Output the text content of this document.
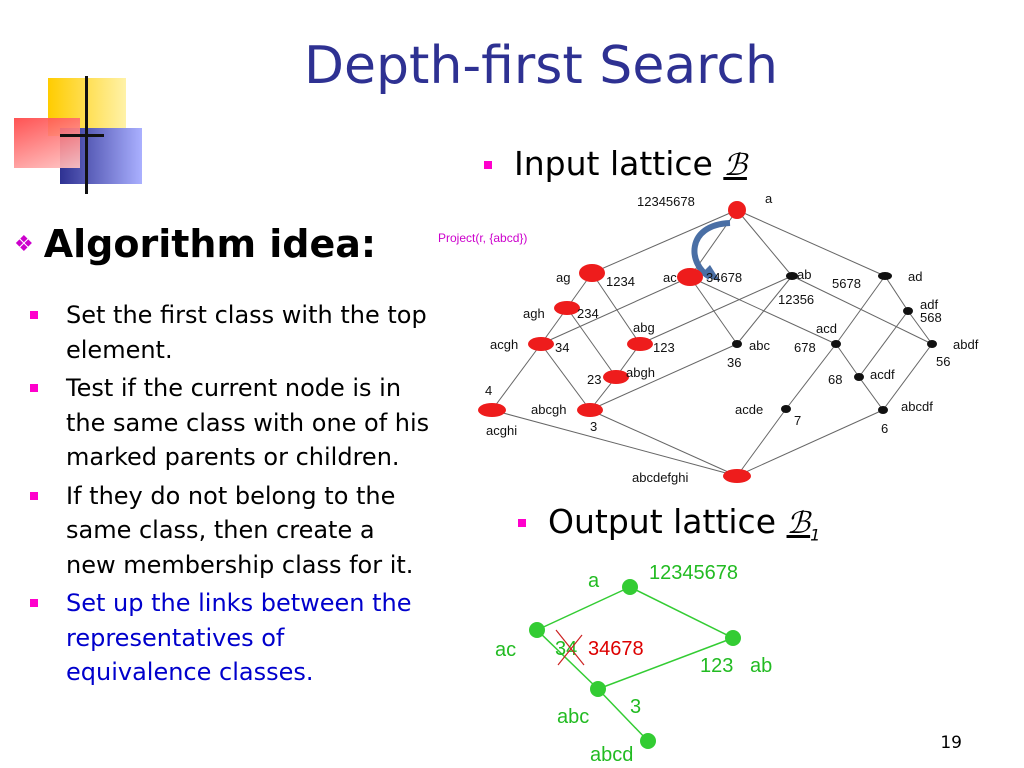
Depth-first Search
Input lattice ℬ
❖ Algorithm idea:
Set the first class with the top element.
Test if the current node is in the same class with one of his marked parents or children.
If they do not belong to the same class, then create a new membership class for it.
Set up the links between the representatives of equivalence classes.
Project(r, {abcd})
12345678	a
ag	1234 ac 34678	ab
12356
ad
5678
agh 234
abg
123	abc
36
acd
678
adf
568
acgh	34
abgh
23	acdf
68
abdf
56
acghi
4
abcgh
3
acde
7
abcdf
6
abcdefghi
Output lattice ℬ$_1$
a 12345678
ac 34 34678
123 ab
abc 3
abcd
19
